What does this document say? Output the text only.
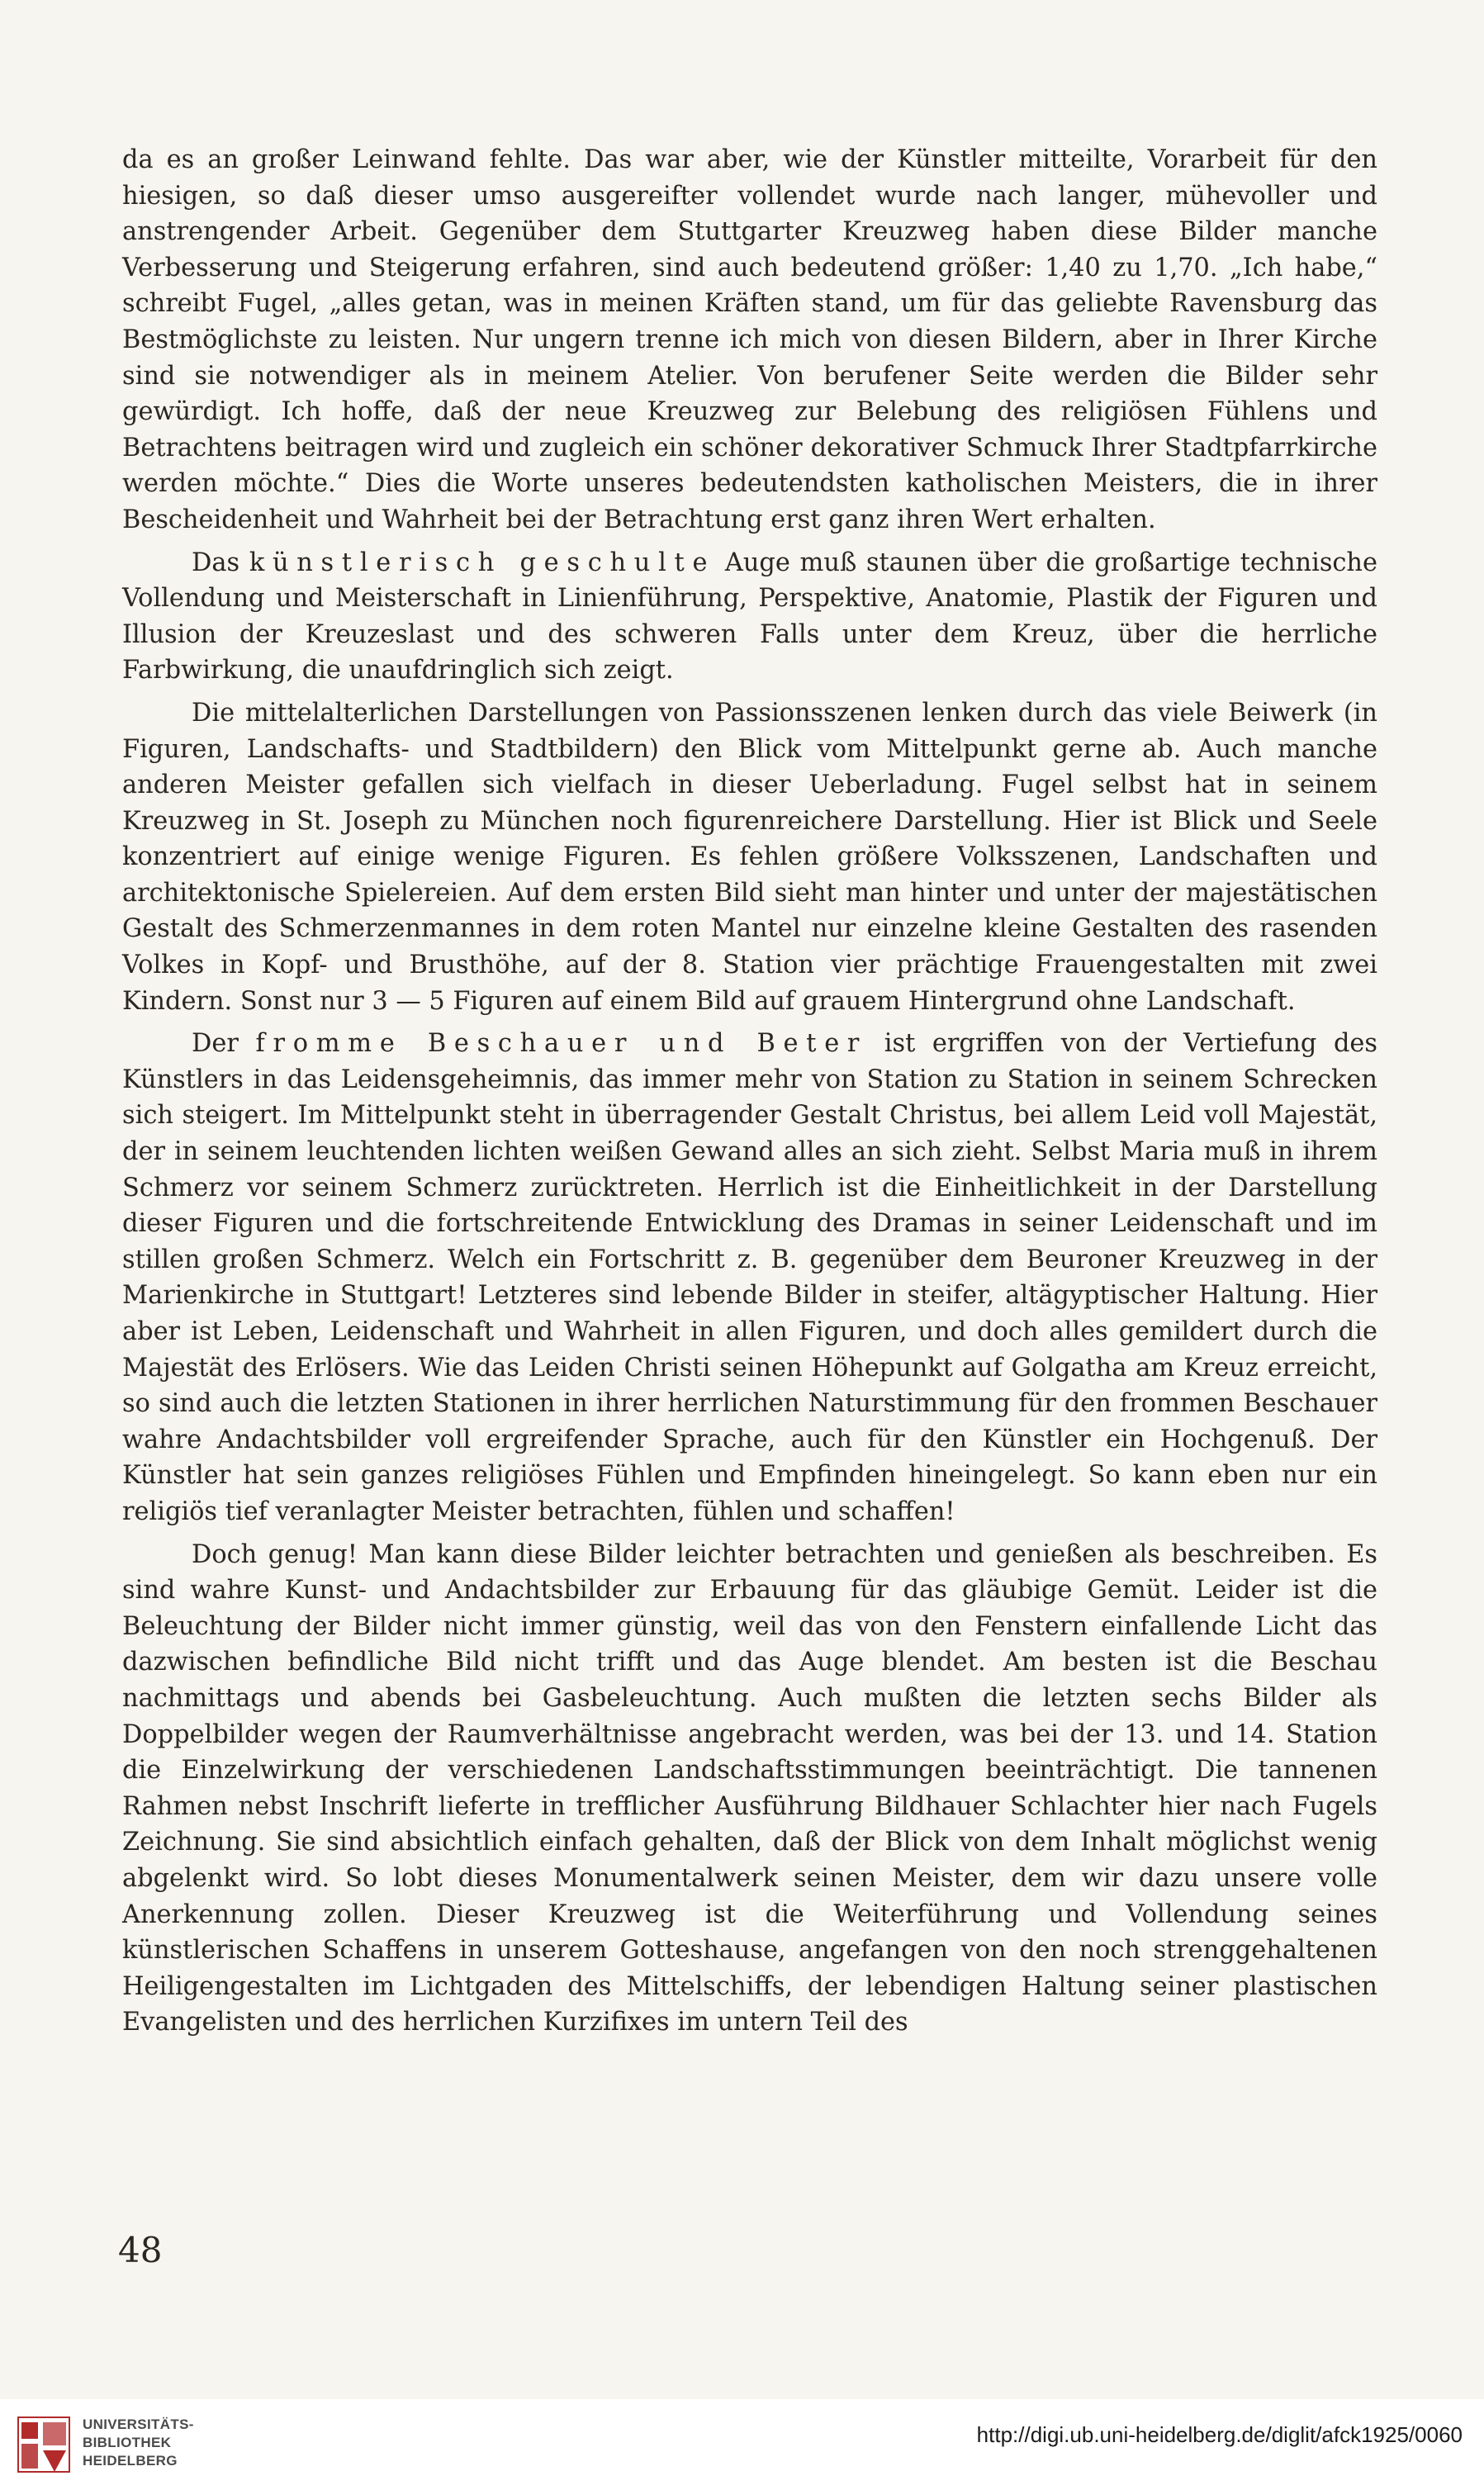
da es an großer Leinwand fehlte. Das war aber, wie der Künstler mitteilte, Vorarbeit für den hiesigen, so daß dieser umso ausgereifter vollendet wurde nach langer, mühevoller und anstrengender Arbeit. Gegenüber dem Stuttgarter Kreuzweg haben diese Bilder manche Verbesserung und Steigerung erfahren, sind auch bedeutend größer: 1,40 zu 1,70. „Ich habe,“ schreibt Fugel, „alles getan, was in meinen Kräften stand, um für das geliebte Ravensburg das Bestmöglichste zu leisten. Nur ungern trenne ich mich von diesen Bildern, aber in Ihrer Kirche sind sie notwendiger als in meinem Atelier. Von berufener Seite werden die Bilder sehr gewürdigt. Ich hoffe, daß der neue Kreuzweg zur Belebung des religiösen Fühlens und Betrachtens beitragen wird und zugleich ein schöner dekorativer Schmuck Ihrer Stadtpfarrkirche werden möchte.“ Dies die Worte unseres bedeutendsten katholischen Meisters, die in ihrer Bescheidenheit und Wahrheit bei der Betrachtung erst ganz ihren Wert erhalten.

Das künstlerisch geschulte Auge muß staunen über die großartige technische Vollendung und Meisterschaft in Linienführung, Perspektive, Anatomie, Plastik der Figuren und Illusion der Kreuzeslast und des schweren Falls unter dem Kreuz, über die herrliche Farbwirkung, die unaufdringlich sich zeigt.

Die mittelalterlichen Darstellungen von Passionsszenen lenken durch das viele Beiwerk (in Figuren, Landschafts- und Stadtbildern) den Blick vom Mittelpunkt gerne ab. Auch manche anderen Meister gefallen sich vielfach in dieser Ueberladung. Fugel selbst hat in seinem Kreuzweg in St. Joseph zu München noch figurenreichere Darstellung. Hier ist Blick und Seele konzentriert auf einige wenige Figuren. Es fehlen größere Volksszenen, Landschaften und architektonische Spielereien. Auf dem ersten Bild sieht man hinter und unter der majestätischen Gestalt des Schmerzenmannes in dem roten Mantel nur einzelne kleine Gestalten des rasenden Volkes in Kopf- und Brusthöhe, auf der 8. Station vier prächtige Frauengestalten mit zwei Kindern. Sonst nur 3 — 5 Figuren auf einem Bild auf grauem Hintergrund ohne Landschaft.

Der fromme Beschauer und Beter ist ergriffen von der Vertiefung des Künstlers in das Leidensgeheimnis, das immer mehr von Station zu Station in seinem Schrecken sich steigert. Im Mittelpunkt steht in überragender Gestalt Christus, bei allem Leid voll Majestät, der in seinem leuchtenden lichten weißen Gewand alles an sich zieht. Selbst Maria muß in ihrem Schmerz vor seinem Schmerz zurücktreten. Herrlich ist die Einheitlichkeit in der Darstellung dieser Figuren und die fortschreitende Entwicklung des Dramas in seiner Leidenschaft und im stillen großen Schmerz. Welch ein Fortschritt z. B. gegenüber dem Beuroner Kreuzweg in der Marienkirche in Stuttgart! Letzteres sind lebende Bilder in steifer, altägyptischer Haltung. Hier aber ist Leben, Leidenschaft und Wahrheit in allen Figuren, und doch alles gemildert durch die Majestät des Erlösers. Wie das Leiden Christi seinen Höhepunkt auf Golgatha am Kreuz erreicht, so sind auch die letzten Stationen in ihrer herrlichen Naturstimmung für den frommen Beschauer wahre Andachtsbilder voll ergreifender Sprache, auch für den Künstler ein Hochgenuß. Der Künstler hat sein ganzes religiöses Fühlen und Empfinden hineingelegt. So kann eben nur ein religiös tief veranlagter Meister betrachten, fühlen und schaffen!

Doch genug! Man kann diese Bilder leichter betrachten und genießen als beschreiben. Es sind wahre Kunst- und Andachtsbilder zur Erbauung für das gläubige Gemüt. Leider ist die Beleuchtung der Bilder nicht immer günstig, weil das von den Fenstern einfallende Licht das dazwischen befindliche Bild nicht trifft und das Auge blendet. Am besten ist die Beschau nachmittags und abends bei Gasbeleuchtung. Auch mußten die letzten sechs Bilder als Doppelbilder wegen der Raumverhältnisse angebracht werden, was bei der 13. und 14. Station die Einzelwirkung der verschiedenen Landschaftsstimmungen beeinträchtigt. Die tannenen Rahmen nebst Inschrift lieferte in trefflicher Ausführung Bildhauer Schlachter hier nach Fugels Zeichnung. Sie sind absichtlich einfach gehalten, daß der Blick von dem Inhalt möglichst wenig abgelenkt wird. So lobt dieses Monumentalwerk seinen Meister, dem wir dazu unsere volle Anerkennung zollen. Dieser Kreuzweg ist die Weiterführung und Vollendung seines künstlerischen Schaffens in unserem Gotteshause, angefangen von den noch strenggehaltenen Heiligengestalten im Lichtgaden des Mittelschiffs, der lebendigen Haltung seiner plastischen Evangelisten und des herrlichen Kurzifixes im untern Teil des

48
UNIVERSITÄTS-
BIBLIOTHEK
HEIDELBERG
http://digi.ub.uni-heidelberg.de/diglit/afck1925/0060
